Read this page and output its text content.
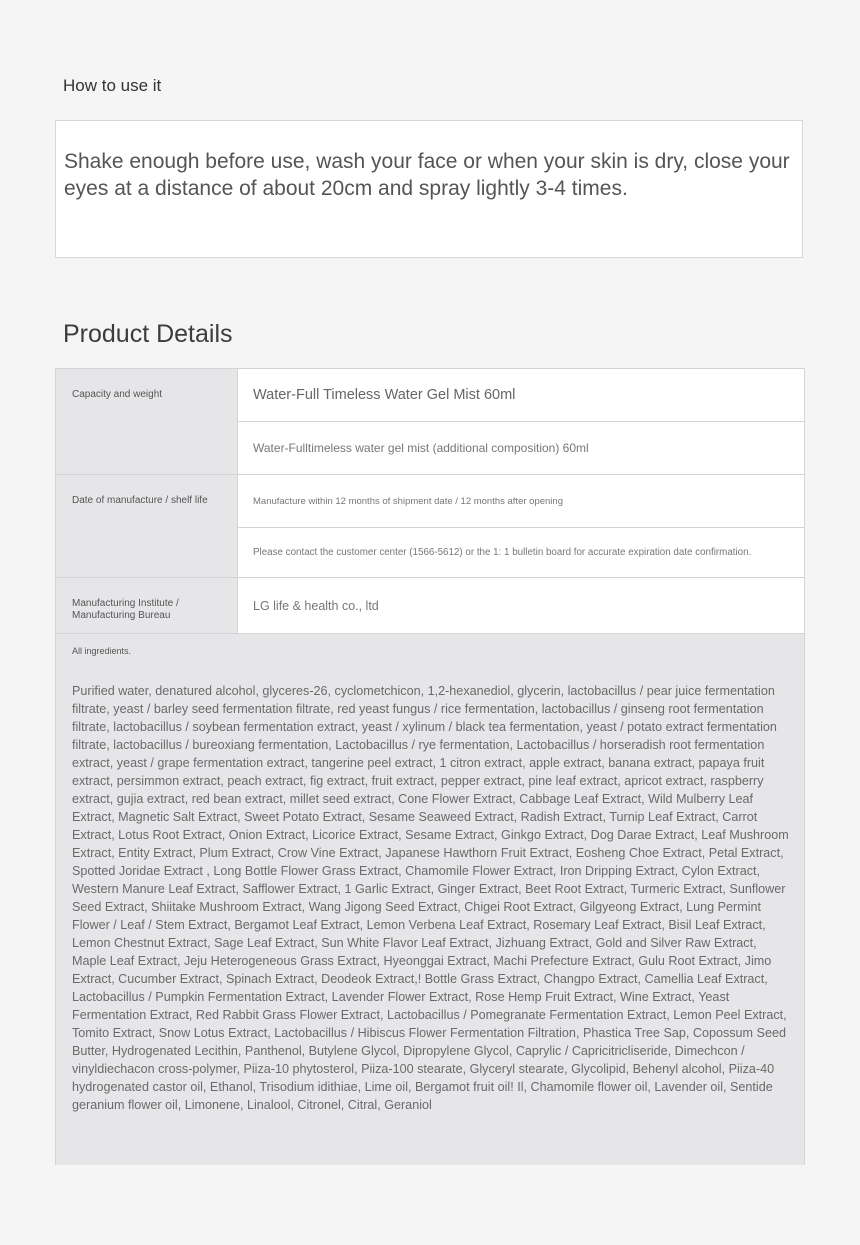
How to use it

Shake enough before use, wash your face or when your skin is dry, close your eyes at a distance of about 20cm and spray lightly 3-4 times.

Product Details
Capacity and weight	Water-Full Timeless Water Gel Mist 60ml
Water-Fulltimeless water gel mist (additional composition) 60ml
Date of manufacture / shelf life	Manufacture within 12 months of shipment date / 12 months after opening
Please contact the customer center (1566-5612) or the 1: 1 bulletin board for accurate expiration date confirmation.
Manufacturing Institute / Manufacturing Bureau
LG life & health co., ltd
All ingredients.

Purified water, denatured alcohol, glyceres-26, cyclometchicon, 1,2-hexanediol, glycerin, lactobacillus / pear juice fermentation filtrate, yeast / barley seed fermentation filtrate, red yeast fungus / rice fermentation, lactobacillus / ginseng root fermentation filtrate, lactobacillus / soybean fermentation extract, yeast / xylinum / black tea fermentation, yeast / potato extract fermentation filtrate, lactobacillus / bureoxiang fermentation, Lactobacillus / rye fermentation, Lactobacillus / horseradish root fermentation extract, yeast / grape fermentation extract, tangerine peel extract, 1 citron extract, apple extract, banana extract, papaya fruit extract, persimmon extract, peach extract, fig extract, fruit extract, pepper extract, pine leaf extract, apricot extract, raspberry extract, gujia extract, red bean extract, millet seed extract, Cone Flower Extract, Cabbage Leaf Extract, Wild Mulberry Leaf Extract, Magnetic Salt Extract, Sweet Potato Extract, Sesame Seaweed Extract, Radish Extract, Turnip Leaf Extract, Carrot Extract, Lotus Root Extract, Onion Extract, Licorice Extract, Sesame Extract, Ginkgo Extract, Dog Darae Extract, Leaf Mushroom Extract, Entity Extract, Plum Extract, Crow Vine Extract, Japanese Hawthorn Fruit Extract, Eosheng Choe Extract, Petal Extract, Spotted Joridae Extract , Long Bottle Flower Grass Extract, Chamomile Flower Extract, Iron Dripping Extract, Cylon Extract, Western Manure Leaf Extract, Safflower Extract, 1 Garlic Extract, Ginger Extract, Beet Root Extract, Turmeric Extract, Sunflower Seed Extract, Shiitake Mushroom Extract, Wang Jigong Seed Extract, Chigei Root Extract, Gilgyeong Extract, Lung Permint Flower / Leaf / Stem Extract, Bergamot Leaf Extract, Lemon Verbena Leaf Extract, Rosemary Leaf Extract, Bisil Leaf Extract, Lemon Chestnut Extract, Sage Leaf Extract, Sun White Flavor Leaf Extract, Jizhuang Extract, Gold and Silver Raw Extract, Maple Leaf Extract, Jeju Heterogeneous Grass Extract, Hyeonggai Extract, Machi Prefecture Extract, Gulu Root Extract, Jimo Extract, Cucumber Extract, Spinach Extract, Deodeok Extract,! Bottle Grass Extract, Changpo Extract, Camellia Leaf Extract, Lactobacillus / Pumpkin Fermentation Extract, Lavender Flower Extract, Rose Hemp Fruit Extract, Wine Extract, Yeast Fermentation Extract, Red Rabbit Grass Flower Extract, Lactobacillus / Pomegranate Fermentation Extract, Lemon Peel Extract, Tomito Extract, Snow Lotus Extract, Lactobacillus / Hibiscus Flower Fermentation Filtration, Phastica Tree Sap, Copossum Seed Butter, Hydrogenated Lecithin, Panthenol, Butylene Glycol, Dipropylene Glycol, Caprylic / Capricitricliseride, Dimechcon / vinyldiechacon cross-polymer, Piiza-10 phytosterol, Piiza-100 stearate, Glyceryl stearate, Glycolipid, Behenyl alcohol, Piiza-40 hydrogenated castor oil, Ethanol, Trisodium idithiae, Lime oil, Bergamot fruit oil! Il, Chamomile flower oil, Lavender oil, Sentide geranium flower oil, Limonene, Linalool, Citronel, Citral, Geraniol
